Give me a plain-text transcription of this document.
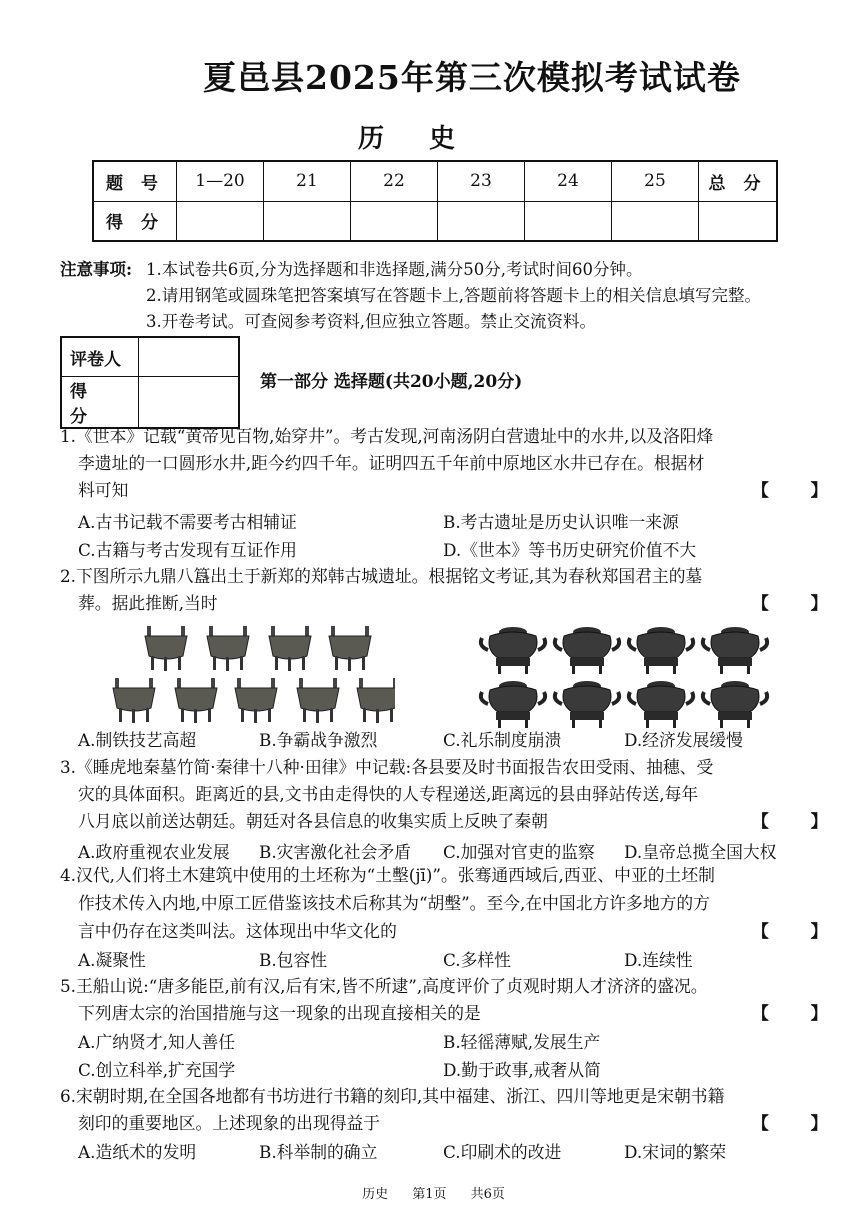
夏邑县2025年第三次模拟考试试卷
历 史
题 号	1—20	21	22	23	24	25	总 分
得 分							
注意事项: 1.本试卷共6页,分为选择题和非选择题,满分50分,考试时间60分钟。
2.请用钢笔或圆珠笔把答案填写在答题卡上,答题前将答题卡上的相关信息填写完整。
3.开卷考试。可查阅参考资料,但应独立答题。禁止交流资料。
评卷人	
得 分	
第一部分 选择题(共20小题,20分)
1.《世本》记载“黄帝见百物,始穿井”。考古发现,河南汤阴白营遗址中的水井,以及洛阳烽
李遗址的一口圆形水井,距今约四千年。证明四五千年前中原地区水井已存在。根据材
料可知	【 】
A.古书记载不需要考古相辅证	B.考古遗址是历史认识唯一来源
C.古籍与考古发现有互证作用	D.《世本》等书历史研究价值不大
2.下图所示九鼎八簋出土于新郑的郑韩古城遗址。根据铭文考证,其为春秋郑国君主的墓
葬。据此推断,当时	【 】
A.制铁技艺高超	B.争霸战争激烈	C.礼乐制度崩溃	D.经济发展缓慢
3.《睡虎地秦墓竹简·秦律十八种·田律》中记载:各县要及时书面报告农田受雨、抽穗、受
灾的具体面积。距离近的县,文书由走得快的人专程递送,距离远的县由驿站传送,每年
八月底以前送达朝廷。朝廷对各县信息的收集实质上反映了秦朝	【 】
A.政府重视农业发展 B.灾害激化社会矛盾 C.加强对官吏的监察 D.皇帝总揽全国大权
4.汉代,人们将土木建筑中使用的土坯称为“土墼(jī)”。张骞通西域后,西亚、中亚的土坯制
作技术传入内地,中原工匠借鉴该技术后称其为“胡墼”。至今,在中国北方许多地方的方
言中仍存在这类叫法。这体现出中华文化的	【 】
A.凝聚性	B.包容性	C.多样性	D.连续性
5.王船山说:“唐多能臣,前有汉,后有宋,皆不所逮”,高度评价了贞观时期人才济济的盛况。
下列唐太宗的治国措施与这一现象的出现直接相关的是	【 】
A.广纳贤才,知人善任	B.轻徭薄赋,发展生产
C.创立科举,扩充国学	D.勤于政事,戒奢从简
6.宋朝时期,在全国各地都有书坊进行书籍的刻印,其中福建、浙江、四川等地更是宋朝书籍
刻印的重要地区。上述现象的出现得益于	【 】
A.造纸术的发明	B.科举制的确立	C.印刷术的改进	D.宋词的繁荣
历史 第1页 共6页
